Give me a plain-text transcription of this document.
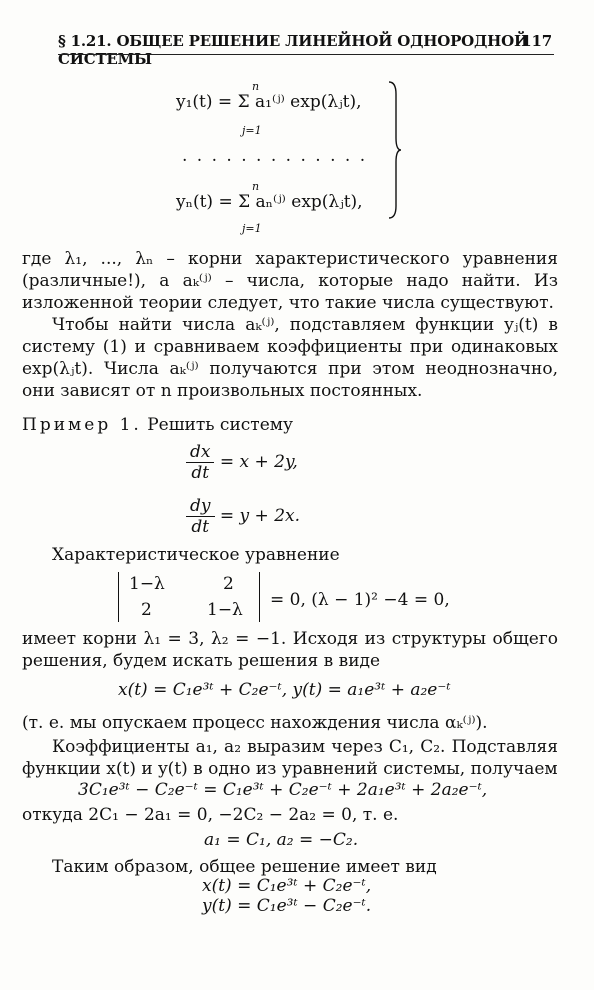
§ 1.21. ОБЩЕЕ РЕШЕНИЕ ЛИНЕЙНОЙ ОДНОРОДНОЙ СИСТЕМЫ
117
y₁(t) = Σ a₁⁽ʲ⁾ exp(λⱼt),
n
j=1
. . . . . . . . . . . . .
yₙ(t) = Σ aₙ⁽ʲ⁾ exp(λⱼt),
n
j=1
где λ₁, ..., λₙ – корни характеристического уравнения (различные!), а aₖ⁽ʲ⁾ – числа, которые надо найти. Из изложенной теории следует, что такие числа существуют.
Чтобы найти числа aₖ⁽ʲ⁾, подставляем функции yⱼ(t) в систему (1) и сравниваем коэффициенты при одинаковых exp(λⱼt). Числа aₖ⁽ʲ⁾ получаются при этом неоднозначно, они зависят от n произвольных постоянных.
Пример 1. Решить систему
$\frac{dx}{dt} = x + 2y$,
$\frac{dy}{dt} = y + 2x$.
Характеристическое уравнение
1−λ	2
2	1−λ = 0, (λ − 1)² −4 = 0,
имеет корни λ₁ = 3, λ₂ = −1. Исходя из структуры общего решения, будем искать решения в виде
x(t) = C₁e³ᵗ + C₂e⁻ᵗ, y(t) = a₁e³ᵗ + a₂e⁻ᵗ
(т. е. мы опускаем процесс нахождения числа αₖ⁽ʲ⁾).
Коэффициенты a₁, a₂ выразим через C₁, C₂. Подставляя функции x(t) и y(t) в одно из уравнений системы, получаем
3C₁e³ᵗ − C₂e⁻ᵗ = C₁e³ᵗ + C₂e⁻ᵗ + 2a₁e³ᵗ + 2a₂e⁻ᵗ,
откуда 2C₁ − 2a₁ = 0, −2C₂ − 2a₂ = 0, т. е.
a₁ = C₁, a₂ = −C₂.
Таким образом, общее решение имеет вид
x(t) = C₁e³ᵗ + C₂e⁻ᵗ,
y(t) = C₁e³ᵗ − C₂e⁻ᵗ.
